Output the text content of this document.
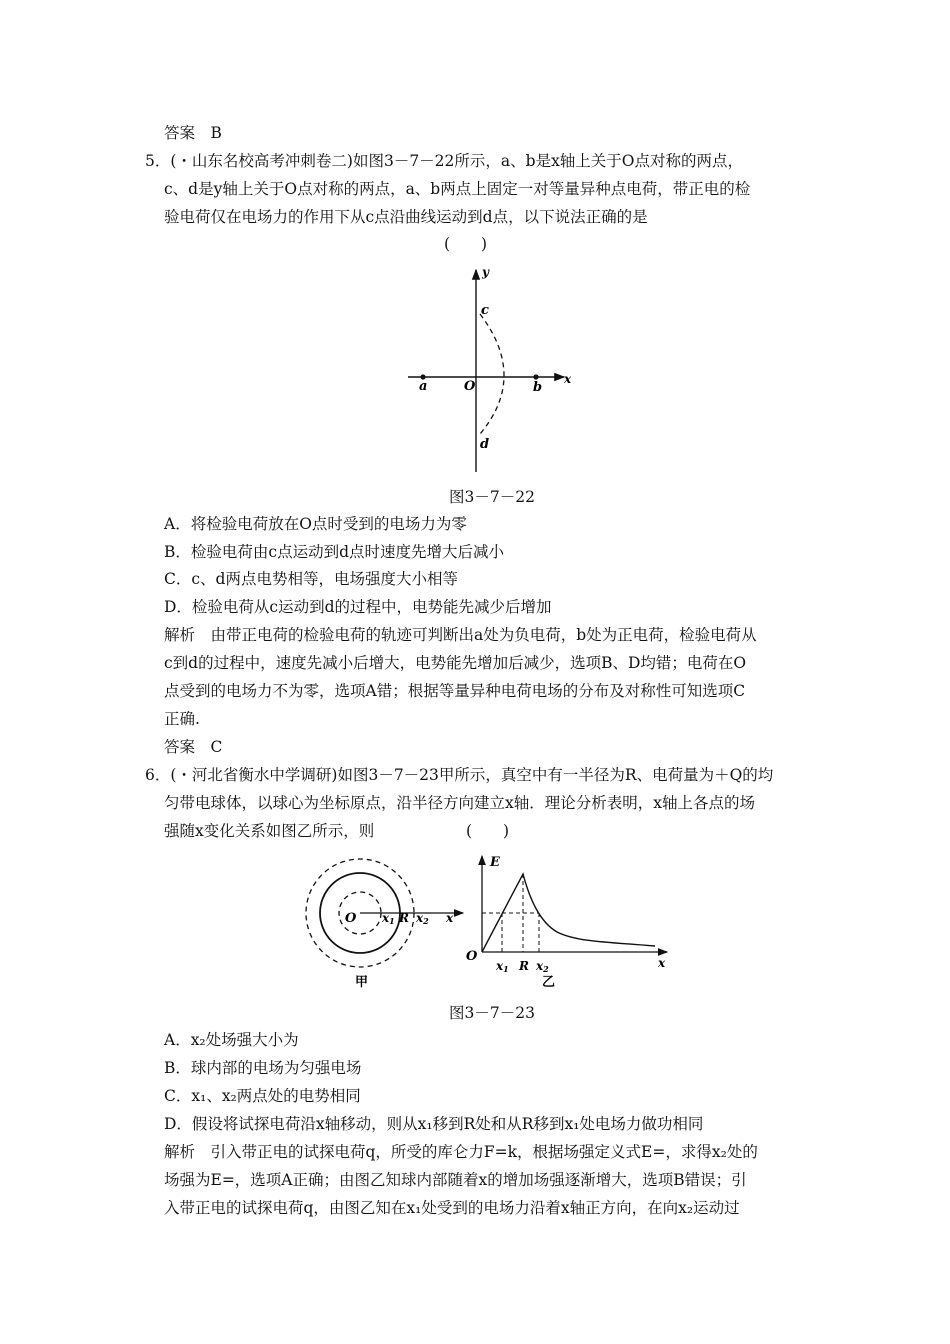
答案　B
5．(・山东名校高考冲刺卷二)如图3－7－22所示，a、b是x轴上关于O点对称的两点，
c、d是y轴上关于O点对称的两点，a、b两点上固定一对等量异种点电荷，带正电的检
验电荷仅在电场力的作用下从c点沿曲线运动到d点，以下说法正确的是
(　　)
y
x
O
a	b
c
d
图3－7－22
A．将检验电荷放在O点时受到的电场力为零
B．检验电荷由c点运动到d点时速度先增大后减小
C．c、d两点电势相等，电场强度大小相等
D．检验电荷从c运动到d的过程中，电势能先减少后增加
解析　由带正电荷的检验电荷的轨迹可判断出a处为负电荷，b处为正电荷，检验电荷从
c到d的过程中，速度先减小后增大，电势能先增加后减少，选项B、D均错；电荷在O
点受到的电场力不为零，选项A错；根据等量异种电荷电场的分布及对称性可知选项C
正确.
答案　C
6．(・河北省衡水中学调研)如图3－7－23甲所示，真空中有一半径为R、电荷量为＋Q的均
匀带电球体，以球心为坐标原点，沿半径方向建立x轴．理论分析表明，x轴上各点的场
强随x变化关系如图乙所示，则	(　　)
O x1 R x2 x
甲
E
O
x1 R x2	x
乙
图3－7－23
A．x₂处场强大小为
B．球内部的电场为匀强电场
C．x₁、x₂两点处的电势相同
D．假设将试探电荷沿x轴移动，则从x₁移到R处和从R移到x₁处电场力做功相同
解析　引入带正电的试探电荷q，所受的库仑力F=k，根据场强定义式E=，求得x₂处的
场强为E=，选项A正确；由图乙知球内部随着x的增加场强逐渐增大，选项B错误；引
入带正电的试探电荷q，由图乙知在x₁处受到的电场力沿着x轴正方向，在向x₂运动过
